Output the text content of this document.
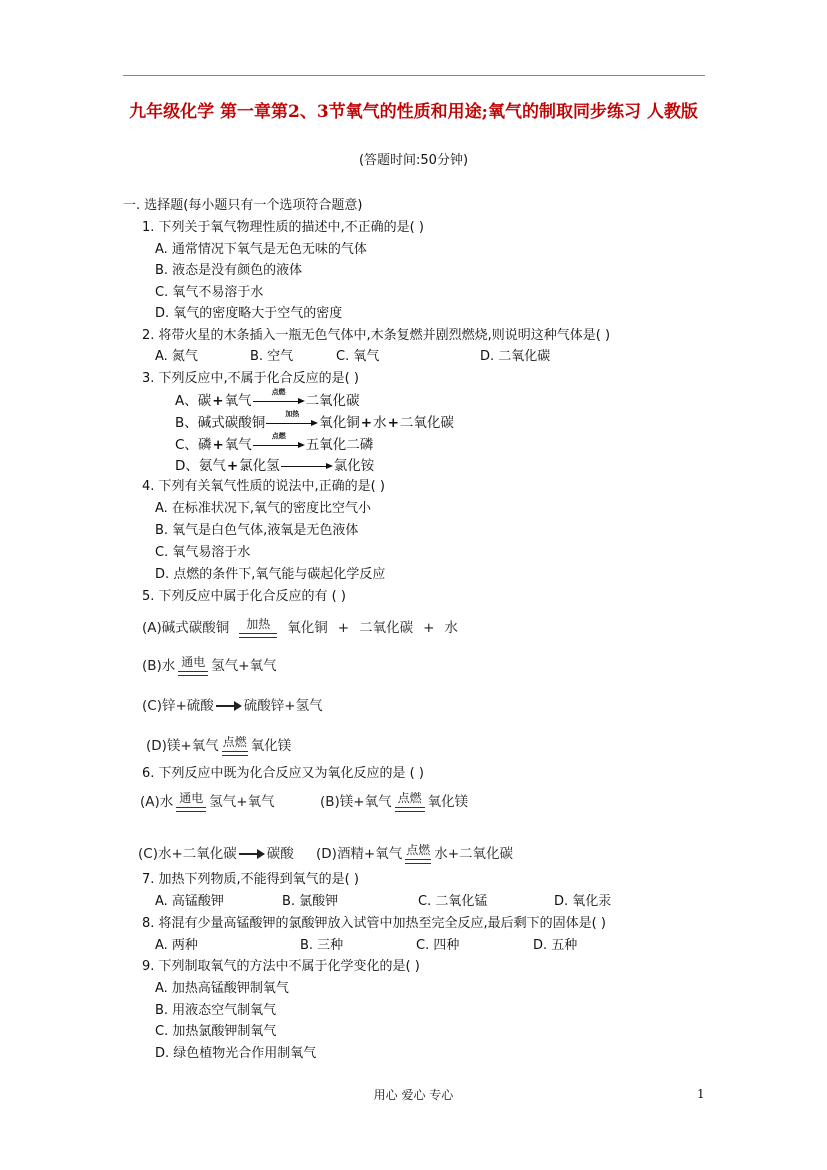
九年级化学 第一章第2、3节氧气的性质和用途;氧气的制取同步练习 人教版
(答题时间:50分钟)
一. 选择题(每小题只有一个选项符合题意)
1. 下列关于氧气物理性质的描述中,不正确的是( )
A. 通常情况下氧气是无色无味的气体
B. 液态是没有颜色的液体
C. 氧气不易溶于水
D. 氧气的密度略大于空气的密度
2. 将带火星的木条插入一瓶无色气体中,木条复燃并剧烈燃烧,则说明这种气体是( )
A. 氮气	B. 空气	C. 氧气	D. 二氧化碳
3. 下列反应中,不属于化合反应的是( )
A、 碳 + 氧气
点燃
二氧化碳
B、 碱式碳酸铜
加热
氧化铜 + 水 + 二氧化碳
C、 磷 + 氧气
点燃
五氧化二磷
D、 氨气 + 氯化氢	氯化铵
4. 下列有关氧气性质的说法中,正确的是( )
A. 在标准状况下,氧气的密度比空气小
B. 氧气是白色气体,液氧是无色液体
C. 氧气易溶于水
D. 点燃的条件下,氧气能与碳起化学反应
5. 下列反应中属于化合反应的有 ( )
(A) 碱式碳酸铜 加热 氧化铜 + 二氧化碳 + 水
(B) 水 通电 氢气+氧气
(C) 锌+硫酸 硫酸锌+氢气
(D) 镁+氧气 点燃 氧化镁
6. 下列反应中既为化合反应又为氧化反应的是 ( )
(A) 水 通电 氢气+氧气	(B) 镁+氧气 点燃 氧化镁
(C) 水+二氧化碳 碳酸 (D) 酒精+氧气 点燃 水+二氧化碳
7. 加热下列物质,不能得到氧气的是( )
A. 高锰酸钾	B. 氯酸钾	C. 二氧化锰	D. 氧化汞
8. 将混有少量高锰酸钾的氯酸钾放入试管中加热至完全反应,最后剩下的固体是( )
A. 两种	B. 三种	C. 四种	D. 五种
9. 下列制取氧气的方法中不属于化学变化的是( )
A. 加热高锰酸钾制氧气
B. 用液态空气制氧气
C. 加热氯酸钾制氧气
D. 绿色植物光合作用制氧气
用心 爱心 专心	1
